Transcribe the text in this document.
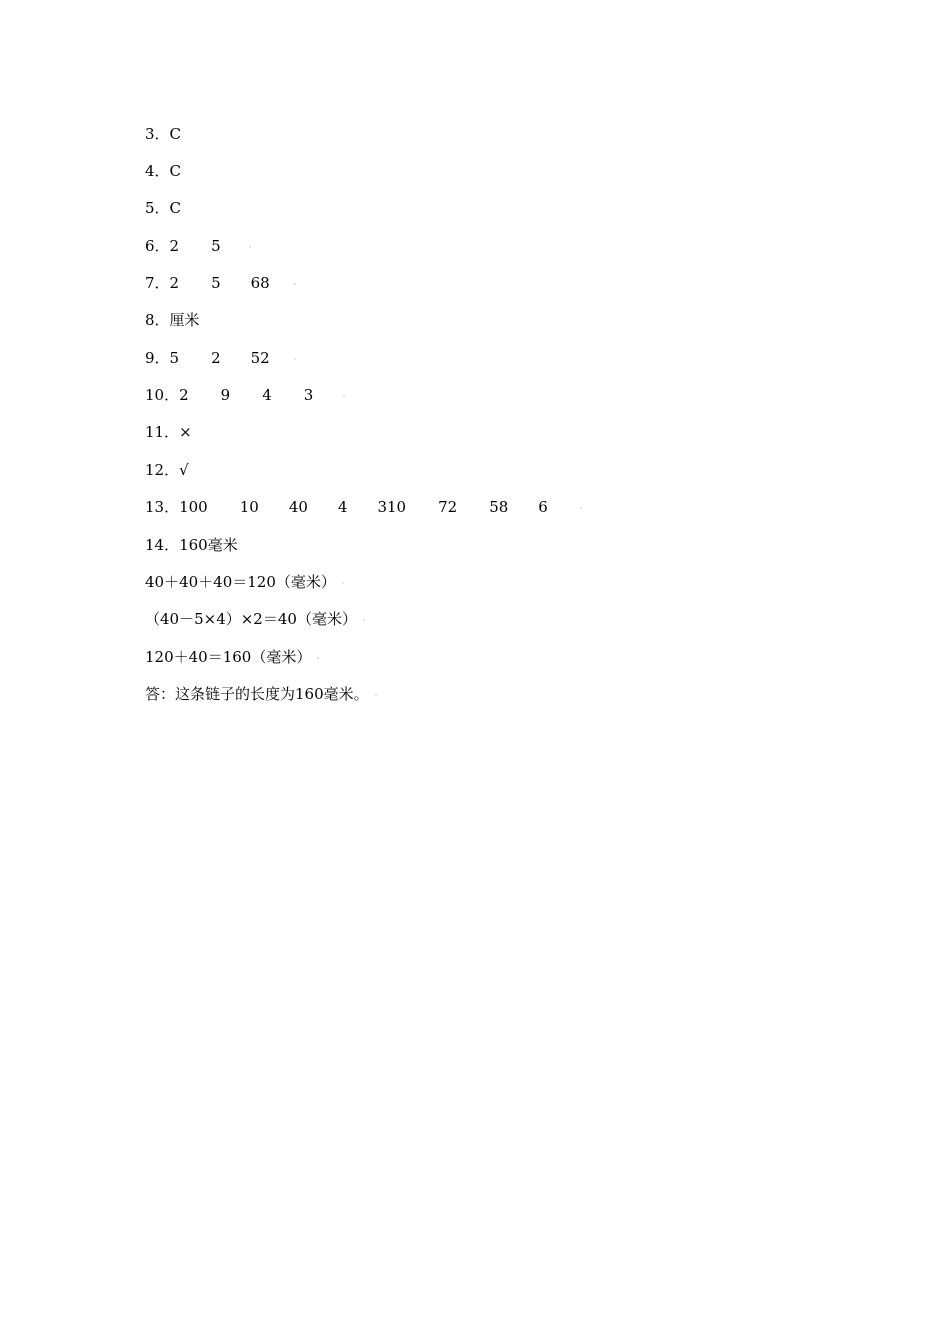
3．C
4．C
5．C
6．2 5
7．2 5 68
8．厘米
9．5 2 52
10．2 9 4 3
11．×
12．√
13．100 10 40 4 310 72 58 6
14．160毫米
40＋40＋40＝120（毫米）
（40－5×4）×2＝40（毫米）
120＋40＝160（毫米）
答：这条链子的长度为160毫米。
